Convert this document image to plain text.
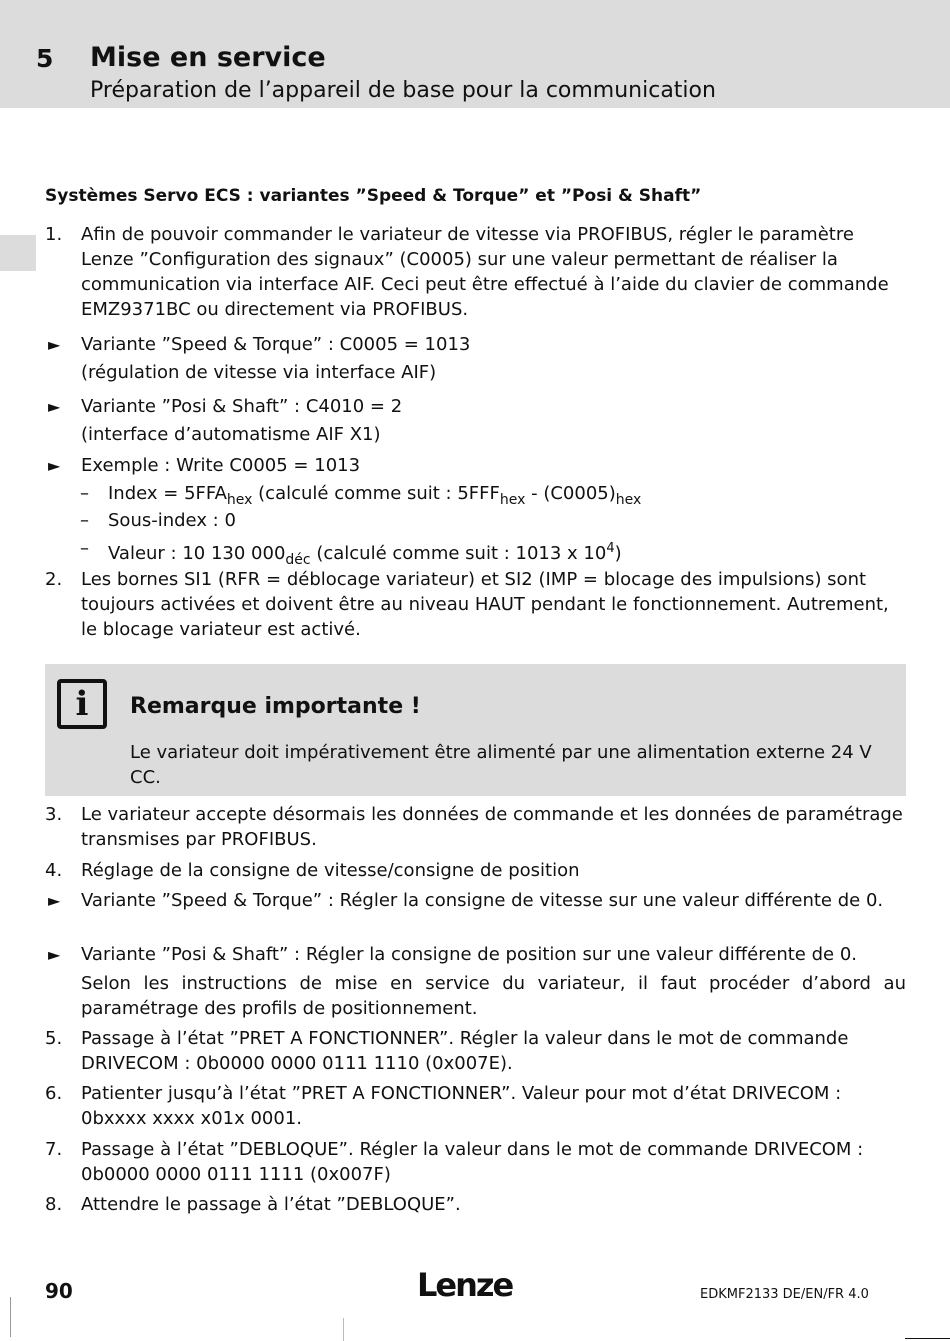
5 Mise en service
Préparation de l’appareil de base pour la communication
Systèmes Servo ECS : variantes ”Speed & Torque” et ”Posi & Shaft”
1. Afin de pouvoir commander le variateur de vitesse via PROFIBUS, régler le paramètre Lenze ”Configuration des signaux” (C0005) sur une valeur permettant de réaliser la communication via interface AIF. Ceci peut être effectué à l’aide du clavier de commande EMZ9371BC ou directement via PROFIBUS.
► Variante ”Speed & Torque” : C0005 = 1013
(régulation de vitesse via interface AIF)
► Variante ”Posi & Shaft” : C4010 = 2
(interface d’automatisme AIF X1)
► Exemple : Write C0005 = 1013
– Index = $5FFA_{hex}$ (calculé comme suit : $5FFF_{hex} - (C0005)_{hex}$
– Sous-index : 0
– Valeur : 10 130 $000_{déc}$ (calculé comme suit : 1013 x $10^4$)
2. Les bornes SI1 (RFR = déblocage variateur) et SI2 (IMP = blocage des impulsions) sont toujours activées et doivent être au niveau HAUT pendant le fonctionnement. Autrement, le blocage variateur est activé.
i	Remarque importante !
Le variateur doit impérativement être alimenté par une alimentation externe 24 V CC.
3. Le variateur accepte désormais les données de commande et les données de paramétrage transmises par PROFIBUS.
4. Réglage de la consigne de vitesse/consigne de position
► Variante ”Speed & Torque” : Régler la consigne de vitesse sur une valeur différente de 0.
► Variante ”Posi & Shaft” : Régler la consigne de position sur une valeur différente de 0.
Selon les instructions de mise en service du variateur, il faut procéder d’abord au paramétrage des profils de positionnement.
5. Passage à l’état ”PRET A FONCTIONNER”. Régler la valeur dans le mot de commande DRIVECOM : 0b0000 0000 0111 1110 (0x007E).
6. Patienter jusqu’à l’état ”PRET A FONCTIONNER”. Valeur pour mot d’état DRIVECOM : 0bxxxx xxxx x01x 0001.
7. Passage à l’état ”DEBLOQUE”. Régler la valeur dans le mot de commande DRIVECOM : 0b0000 0000 0111 1111 (0x007F)
8. Attendre le passage à l’état ”DEBLOQUE”.
90	Lenze	EDKMF2133 DE/EN/FR 4.0
